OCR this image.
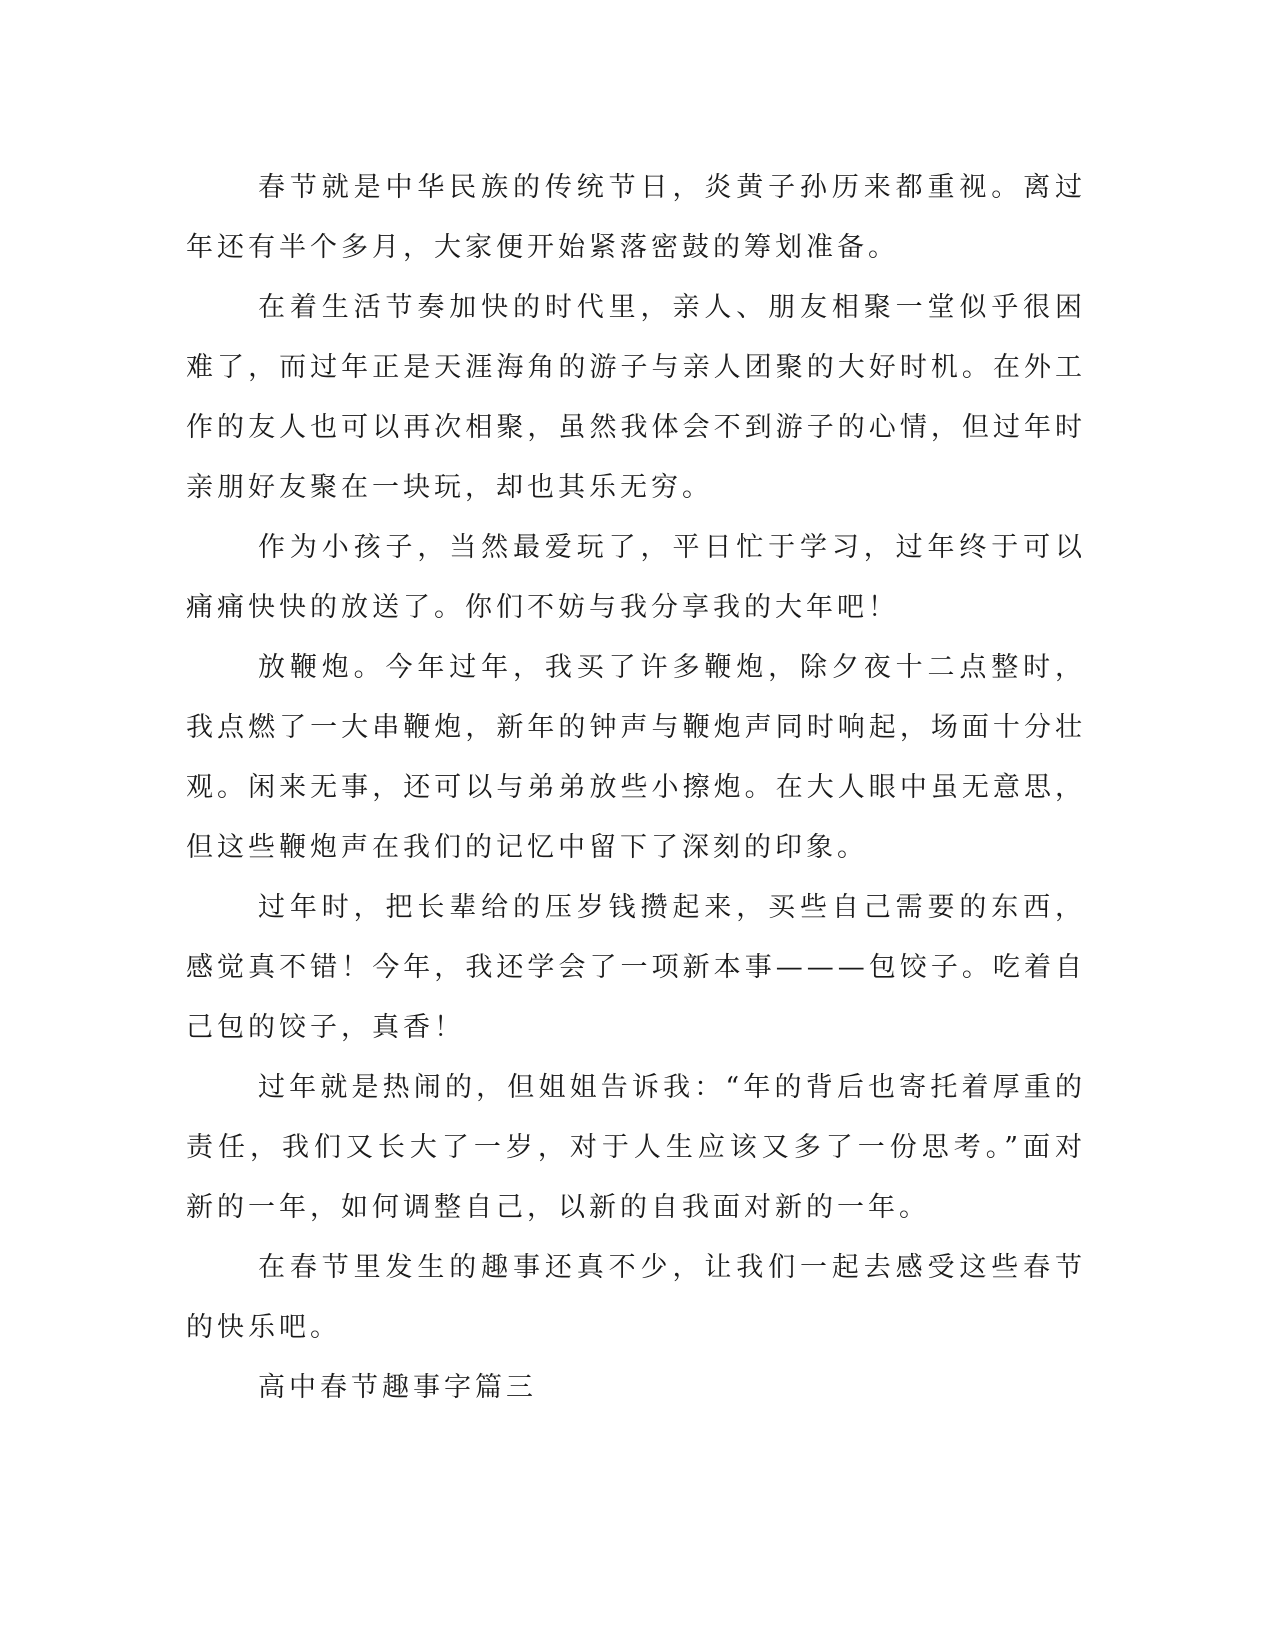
春节就是中华民族的传统节日，炎黄子孙历来都重视。离过年还有半个多月，大家便开始紧落密鼓的筹划准备。

在着生活节奏加快的时代里，亲人、朋友相聚一堂似乎很困难了，而过年正是天涯海角的游子与亲人团聚的大好时机。在外工作的友人也可以再次相聚，虽然我体会不到游子的心情，但过年时亲朋好友聚在一块玩，却也其乐无穷。

作为小孩子，当然最爱玩了，平日忙于学习，过年终于可以痛痛快快的放送了。你们不妨与我分享我的大年吧！

放鞭炮。今年过年，我买了许多鞭炮，除夕夜十二点整时，我点燃了一大串鞭炮，新年的钟声与鞭炮声同时响起，场面十分壮观。闲来无事，还可以与弟弟放些小擦炮。在大人眼中虽无意思，但这些鞭炮声在我们的记忆中留下了深刻的印象。

过年时，把长辈给的压岁钱攒起来，买些自己需要的东西，感觉真不错！今年，我还学会了一项新本事———包饺子。吃着自己包的饺子，真香！

过年就是热闹的，但姐姐告诉我：“年的背后也寄托着厚重的责任，我们又长大了一岁，对于人生应该又多了一份思考。”面对新的一年，如何调整自己，以新的自我面对新的一年。

在春节里发生的趣事还真不少，让我们一起去感受这些春节的快乐吧。

高中春节趣事字篇三
